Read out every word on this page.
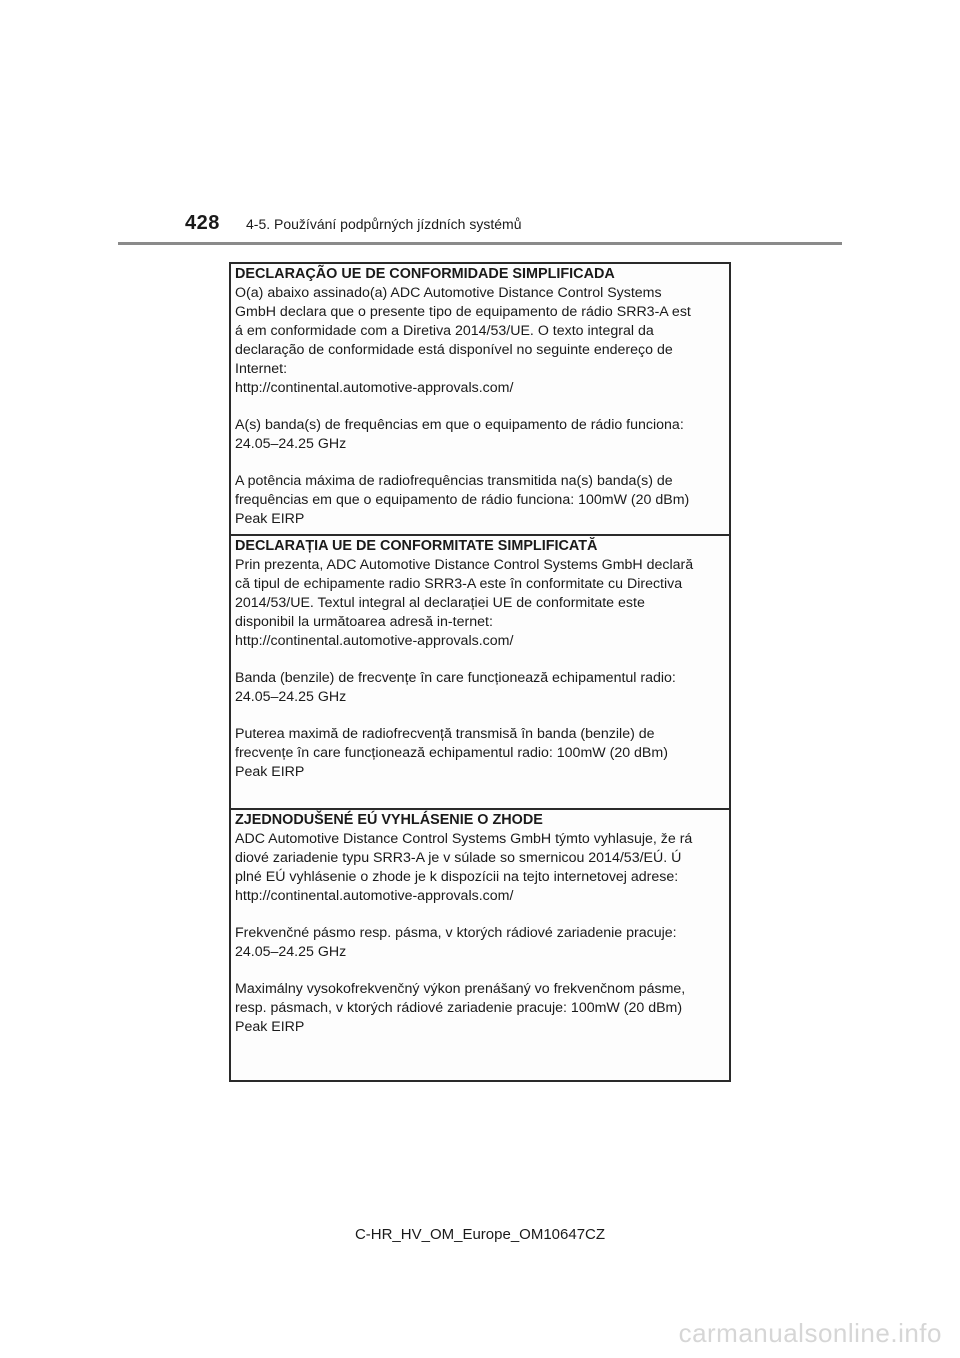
428 4-5. Používání podpůrných jízdních systémů
DECLARAÇÃO UE DE CONFORMIDADE SIMPLIFICADA
O(a) abaixo assinado(a) ADC Automotive Distance Control Systems
GmbH declara que o presente tipo de equipamento de rádio SRR3-A est
á em conformidade com a Diretiva 2014/53/UE. O texto integral da
declaração de conformidade está disponível no seguinte endereço de
Internet:
http://continental.automotive-approvals.com/
A(s) banda(s) de frequências em que o equipamento de rádio funciona:
24.05–24.25 GHz
A potência máxima de radiofrequências transmitida na(s) banda(s) de
frequências em que o equipamento de rádio funciona: 100mW (20 dBm)
Peak EIRP
DECLARAȚIA UE DE CONFORMITATE SIMPLIFICATĂ
Prin prezenta, ADC Automotive Distance Control Systems GmbH declară
că tipul de echipamente radio SRR3-A este în conformitate cu Directiva
2014/53/UE. Textul integral al declarației UE de conformitate este
disponibil la următoarea adresă in-ternet:
http://continental.automotive-approvals.com/
Banda (benzile) de frecvențe în care funcționează echipamentul radio:
24.05–24.25 GHz
Puterea maximă de radiofrecvență transmisă în banda (benzile) de
frecvențe în care funcționează echipamentul radio: 100mW (20 dBm)
Peak EIRP
ZJEDNODUŠENÉ EÚ VYHLÁSENIE O ZHODE
ADC Automotive Distance Control Systems GmbH týmto vyhlasuje, že rá
diové zariadenie typu SRR3-A je v súlade so smernicou 2014/53/EÚ. Ú
plné EÚ vyhlásenie o zhode je k dispozícii na tejto internetovej adrese:
http://continental.automotive-approvals.com/
Frekvenčné pásmo resp. pásma, v ktorých rádiové zariadenie pracuje:
24.05–24.25 GHz
Maximálny vysokofrekvenčný výkon prenášaný vo frekvenčnom pásme,
resp. pásmach, v ktorých rádiové zariadenie pracuje: 100mW (20 dBm)
Peak EIRP
C-HR_HV_OM_Europe_OM10647CZ
carmanualsonline.info
